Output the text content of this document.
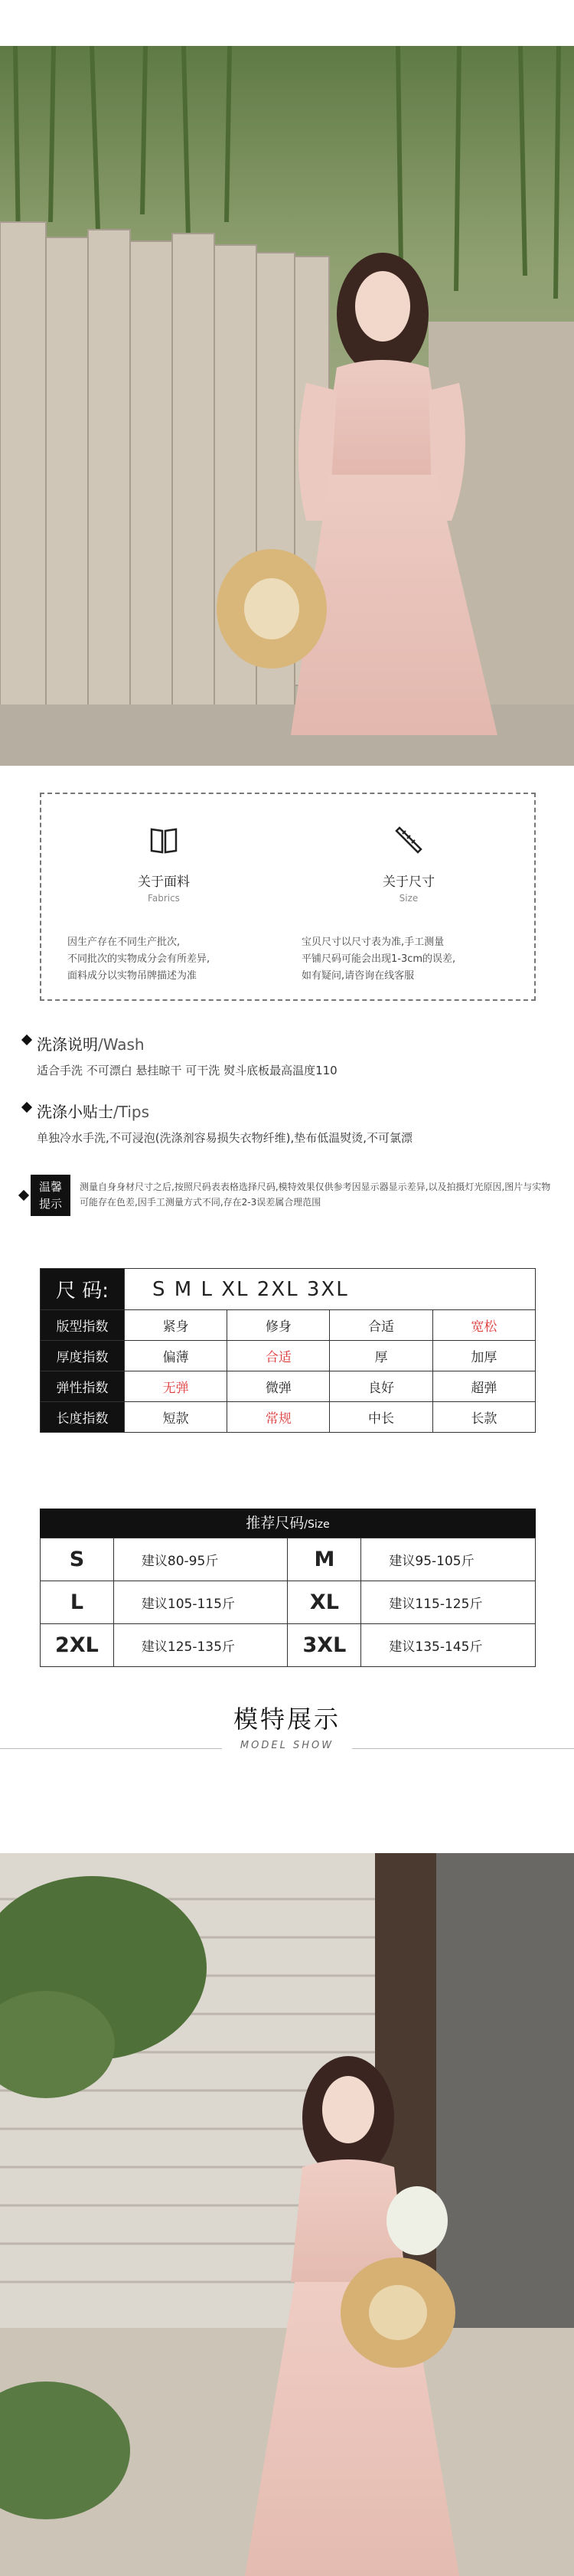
关于面料
Fabrics
因生产存在不同生产批次,
不同批次的实物成分会有所差异,
面料成分以实物吊牌描述为准
关于尺寸
Size
宝贝尺寸以尺寸表为准,手工测量
平铺尺码可能会出现1-3cm的误差,
如有疑问,请咨询在线客服
洗涤说明/Wash
适合手洗 不可漂白 悬挂晾干 可干洗 熨斗底板最高温度110
洗涤小贴士/Tips
单独冷水手洗,不可浸泡(洗涤剂容易损失衣物纤维),垫布低温熨烫,不可氯漂
温馨
提示
测量自身身材尺寸之后,按照尺码表表格选择尺码,模特效果仅供参考因显示器显示差异,以及拍摄灯光原因,图片与实物可能存在色差,因手工测量方式不同,存在2-3误差属合理范围
尺 码:	S M L XL 2XL 3XL			
版型指数	紧身	修身	合适	宽松
厚度指数	偏薄	合适	厚	加厚
弹性指数	无弹	微弹	良好	超弹
长度指数	短款	常规	中长	长款
推荐尺码/Size
S	建议80-95斤	M	建议95-105斤
L	建议105-115斤	XL	建议115-125斤
2XL	建议125-135斤	3XL	建议135-145斤
模特展示
MODEL SHOW
